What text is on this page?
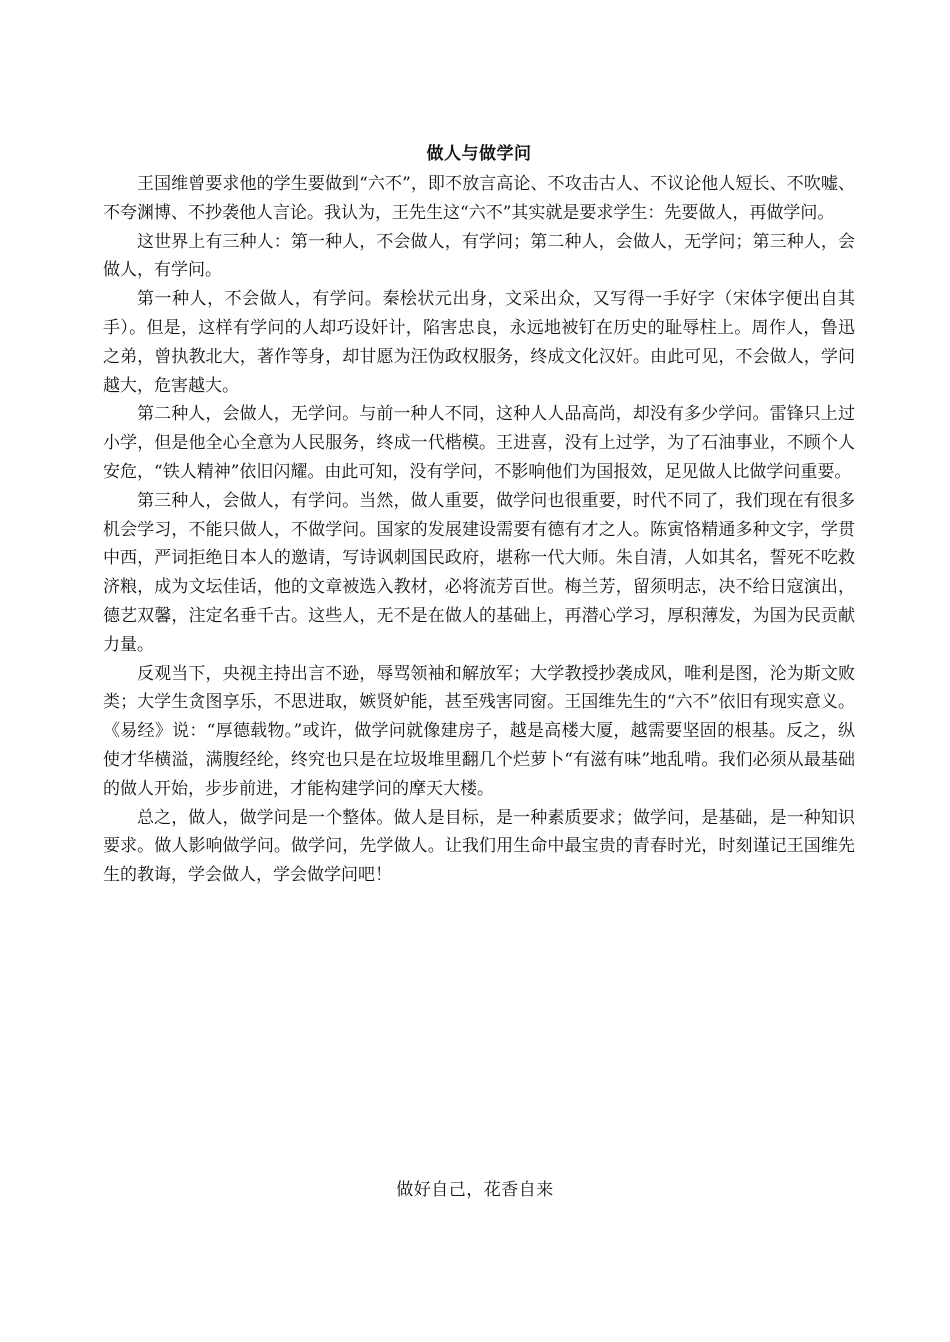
做人与做学问

王国维曾要求他的学生要做到“六不”，即不放言高论、不攻击古人、不议论他人短长、不吹嘘、不夸渊博、不抄袭他人言论。我认为，王先生这“六不”其实就是要求学生：先要做人，再做学问。

这世界上有三种人：第一种人，不会做人，有学问；第二种人，会做人，无学问；第三种人，会做人，有学问。

第一种人，不会做人，有学问。秦桧状元出身，文采出众，又写得一手好字（宋体字便出自其手）。但是，这样有学问的人却巧设奸计，陷害忠良，永远地被钉在历史的耻辱柱上。周作人，鲁迅之弟，曾执教北大，著作等身，却甘愿为汪伪政权服务，终成文化汉奸。由此可见，不会做人，学问越大，危害越大。

第二种人，会做人，无学问。与前一种人不同，这种人人品高尚，却没有多少学问。雷锋只上过小学，但是他全心全意为人民服务，终成一代楷模。王进喜，没有上过学，为了石油事业，不顾个人安危，“铁人精神”依旧闪耀。由此可知，没有学问，不影响他们为国报效，足见做人比做学问重要。

第三种人，会做人，有学问。当然，做人重要，做学问也很重要，时代不同了，我们现在有很多机会学习，不能只做人，不做学问。国家的发展建设需要有德有才之人。陈寅恪精通多种文字，学贯中西，严词拒绝日本人的邀请，写诗讽刺国民政府，堪称一代大师。朱自清，人如其名，誓死不吃救济粮，成为文坛佳话，他的文章被选入教材，必将流芳百世。梅兰芳，留须明志，决不给日寇演出，德艺双馨，注定名垂千古。这些人，无不是在做人的基础上，再潜心学习，厚积薄发，为国为民贡献力量。

反观当下，央视主持出言不逊，辱骂领袖和解放军；大学教授抄袭成风，唯利是图，沦为斯文败类；大学生贪图享乐，不思进取，嫉贤妒能，甚至残害同窗。王国维先生的“六不”依旧有现实意义。《易经》说：“厚德载物。”或许，做学问就像建房子，越是高楼大厦，越需要坚固的根基。反之，纵使才华横溢，满腹经纶，终究也只是在垃圾堆里翻几个烂萝卜“有滋有味”地乱啃。我们必须从最基础的做人开始，步步前进，才能构建学问的摩天大楼。

总之，做人，做学问是一个整体。做人是目标，是一种素质要求；做学问，是基础，是一种知识要求。做人影响做学问。做学问，先学做人。让我们用生命中最宝贵的青春时光，时刻谨记王国维先生的教诲，学会做人，学会做学问吧！

做好自己，花香自来
